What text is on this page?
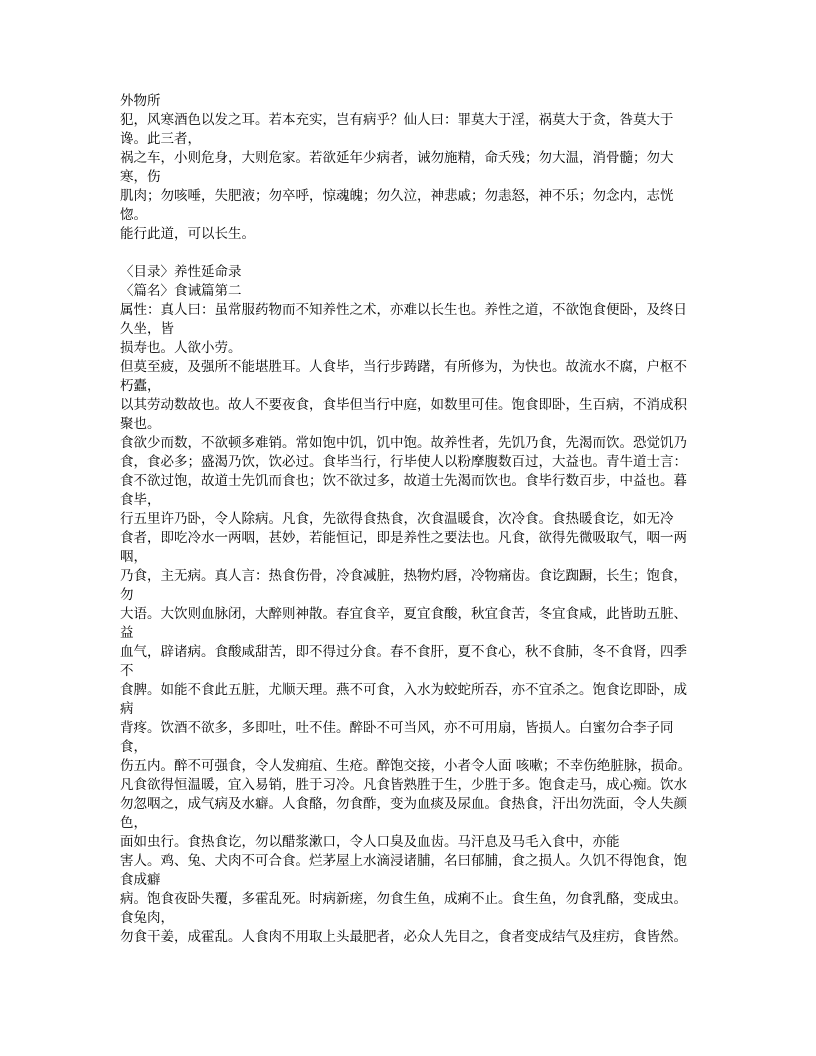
外物所
犯，风寒酒色以发之耳。若本充实，岂有病乎？仙人曰：罪莫大于淫，祸莫大于贪，咎莫大于谗。此三者，
祸之车，小则危身，大则危家。若欲延年少病者，诫勿施精，命夭残；勿大温，消骨髓；勿大寒，伤
肌肉；勿咳唾，失肥液；勿卒呼，惊魂魄；勿久泣，神悲戚；勿恚怒，神不乐；勿念内，志恍惚。
能行此道，可以长生。
〈目录〉养性延命录
〈篇名〉食诫篇第二
属性：真人曰：虽常服药物而不知养性之术，亦难以长生也。养性之道，不欲饱食便卧，及终日久坐，皆
损寿也。人欲小劳。
但莫至疲，及强所不能堪胜耳。人食毕，当行步踌躇，有所修为，为快也。故流水不腐，户枢不朽蠹，
以其劳动数故也。故人不要夜食，食毕但当行中庭，如数里可佳。饱食即卧，生百病，不消成积聚也。
食欲少而数，不欲顿多难销。常如饱中饥，饥中饱。故养性者，先饥乃食，先渴而饮。恐觉饥乃
食，食必多；盛渴乃饮，饮必过。食毕当行，行毕使人以粉摩腹数百过，大益也。青牛道士言：
食不欲过饱，故道士先饥而食也；饮不欲过多，故道士先渴而饮也。食毕行数百步，中益也。暮食毕，
行五里许乃卧，令人除病。凡食，先欲得食热食，次食温暖食，次冷食。食热暖食讫，如无冷
食者，即吃冷水一两咽，甚妙，若能恒记，即是养性之要法也。凡食，欲得先微吸取气，咽一两咽，
乃食，主无病。真人言：热食伤骨，冷食减脏，热物灼唇，冷物痛齿。食讫踟蹰，长生；饱食，勿
大语。大饮则血脉闭，大醉则神散。春宜食辛，夏宜食酸，秋宜食苦，冬宜食咸，此皆助五脏、益
血气，辟诸病。食酸咸甜苦，即不得过分食。春不食肝，夏不食心，秋不食肺，冬不食肾，四季不
食脾。如能不食此五脏，尤顺天理。燕不可食，入水为蛟蛇所吞，亦不宜杀之。饱食讫即卧，成病
背疼。饮酒不欲多，多即吐，吐不佳。醉卧不可当风，亦不可用扇，皆损人。白蜜勿合李子同食，
伤五内。醉不可强食，令人发痈疽、生疮。醉饱交接，小者令人面 咳嗽；不幸伤绝脏脉，损命。
凡食欲得恒温暖，宜入易销，胜于习冷。凡食皆熟胜于生，少胜于多。饱食走马，成心痴。饮水
勿忽咽之，成气病及水癖。人食酪，勿食酢，变为血痰及尿血。食热食，汗出勿洗面，令人失颜色，
面如虫行。食热食讫，勿以醋浆漱口，令人口臭及血齿。马汗息及马毛入食中，亦能
害人。鸡、兔、犬肉不可合食。烂茅屋上水滴浸诸脯，名曰郁脯，食之损人。久饥不得饱食，饱食成癖
病。饱食夜卧失覆，多霍乱死。时病新瘥，勿食生鱼，成痢不止。食生鱼，勿食乳酪，变成虫。食兔肉，
勿食干姜，成霍乱。人食肉不用取上头最肥者，必众人先目之，食者变成结气及疰疠，食皆然。
